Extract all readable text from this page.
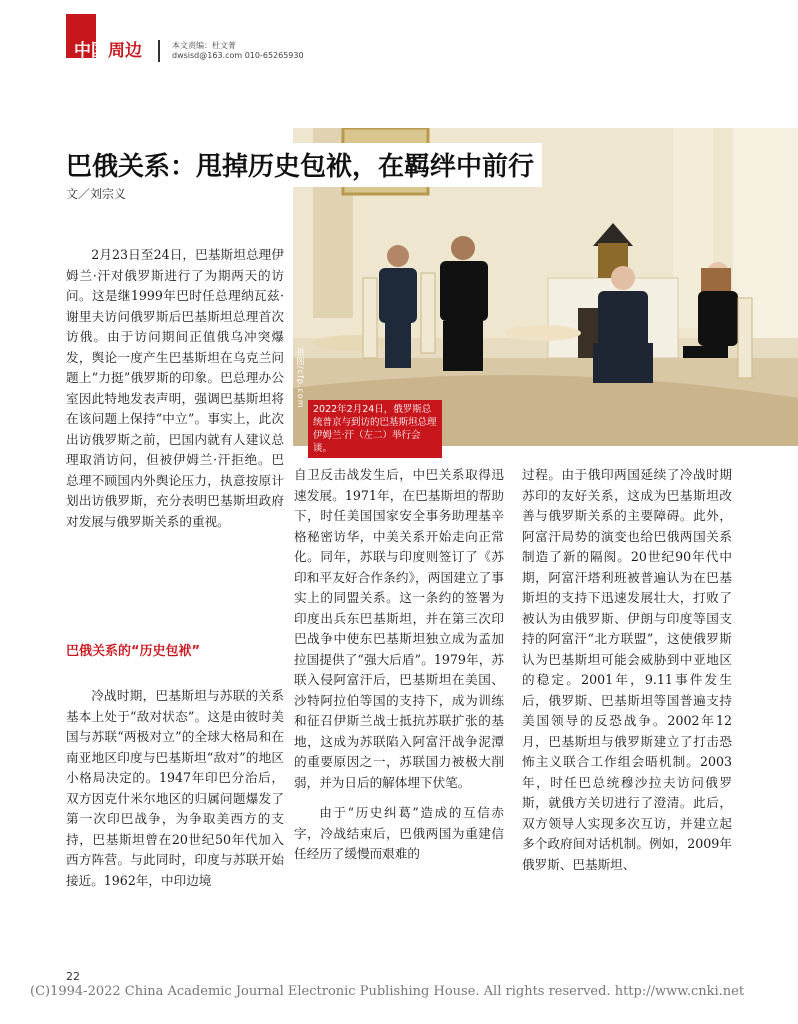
中国周边	本文责编：杜文菁
dwsisd@163.com 010-65265930
供图/cfp.com
2022年2月24日，俄罗斯总统普京与到访的巴基斯坦总理伊姆兰·汗（左二）举行会谈。
巴俄关系：甩掉历史包袱，在羁绊中前行
文／刘宗义

2月23日至24日，巴基斯坦总理伊姆兰·汗对俄罗斯进行了为期两天的访问。这是继1999年巴时任总理纳瓦兹·谢里夫访问俄罗斯后巴基斯坦总理首次访俄。由于访问期间正值俄乌冲突爆发，舆论一度产生巴基斯坦在乌克兰问题上“力挺”俄罗斯的印象。巴总理办公室因此特地发表声明，强调巴基斯坦将在该问题上保持“中立”。事实上，此次出访俄罗斯之前，巴国内就有人建议总理取消访问，但被伊姆兰·汗拒绝。巴总理不顾国内外舆论压力，执意按原计划出访俄罗斯，充分表明巴基斯坦政府对发展与俄罗斯关系的重视。

巴俄关系的“历史包袱”

冷战时期，巴基斯坦与苏联的关系基本上处于“敌对状态”。这是由彼时美国与苏联“两极对立”的全球大格局和在南亚地区印度与巴基斯坦“敌对”的地区小格局决定的。1947年印巴分治后，双方因克什米尔地区的归属问题爆发了第一次印巴战争，为争取美西方的支持，巴基斯坦曾在20世纪50年代加入西方阵营。与此同时，印度与苏联开始接近。1962年，中印边境

自卫反击战发生后，中巴关系取得迅速发展。1971年，在巴基斯坦的帮助下，时任美国国家安全事务助理基辛格秘密访华，中美关系开始走向正常化。同年，苏联与印度则签订了《苏印和平友好合作条约》，两国建立了事实上的同盟关系。这一条约的签署为印度出兵东巴基斯坦，并在第三次印巴战争中使东巴基斯坦独立成为孟加拉国提供了“强大后盾”。1979年，苏联入侵阿富汗后，巴基斯坦在美国、沙特阿拉伯等国的支持下，成为训练和征召伊斯兰战士抵抗苏联扩张的基地，这成为苏联陷入阿富汗战争泥潭的重要原因之一，苏联国力被极大削弱，并为日后的解体埋下伏笔。

由于“历史纠葛”造成的互信赤字，冷战结束后，巴俄两国为重建信任经历了缓慢而艰难的

过程。由于俄印两国延续了冷战时期苏印的友好关系，这成为巴基斯坦改善与俄罗斯关系的主要障碍。此外，阿富汗局势的演变也给巴俄两国关系制造了新的隔阂。20世纪90年代中期，阿富汗塔利班被普遍认为在巴基斯坦的支持下迅速发展壮大，打败了被认为由俄罗斯、伊朗与印度等国支持的阿富汗“北方联盟”，这使俄罗斯认为巴基斯坦可能会威胁到中亚地区的稳定。2001年，9.11事件发生后，俄罗斯、巴基斯坦等国普遍支持美国领导的反恐战争。2002年12月，巴基斯坦与俄罗斯建立了打击恐怖主义联合工作组会晤机制。2003年，时任巴总统穆沙拉夫访问俄罗斯，就俄方关切进行了澄清。此后，双方领导人实现多次互访，并建立起多个政府间对话机制。例如，2009年俄罗斯、巴基斯坦、

22
(C)1994-2022 China Academic Journal Electronic Publishing House. All rights reserved. http://www.cnki.net
